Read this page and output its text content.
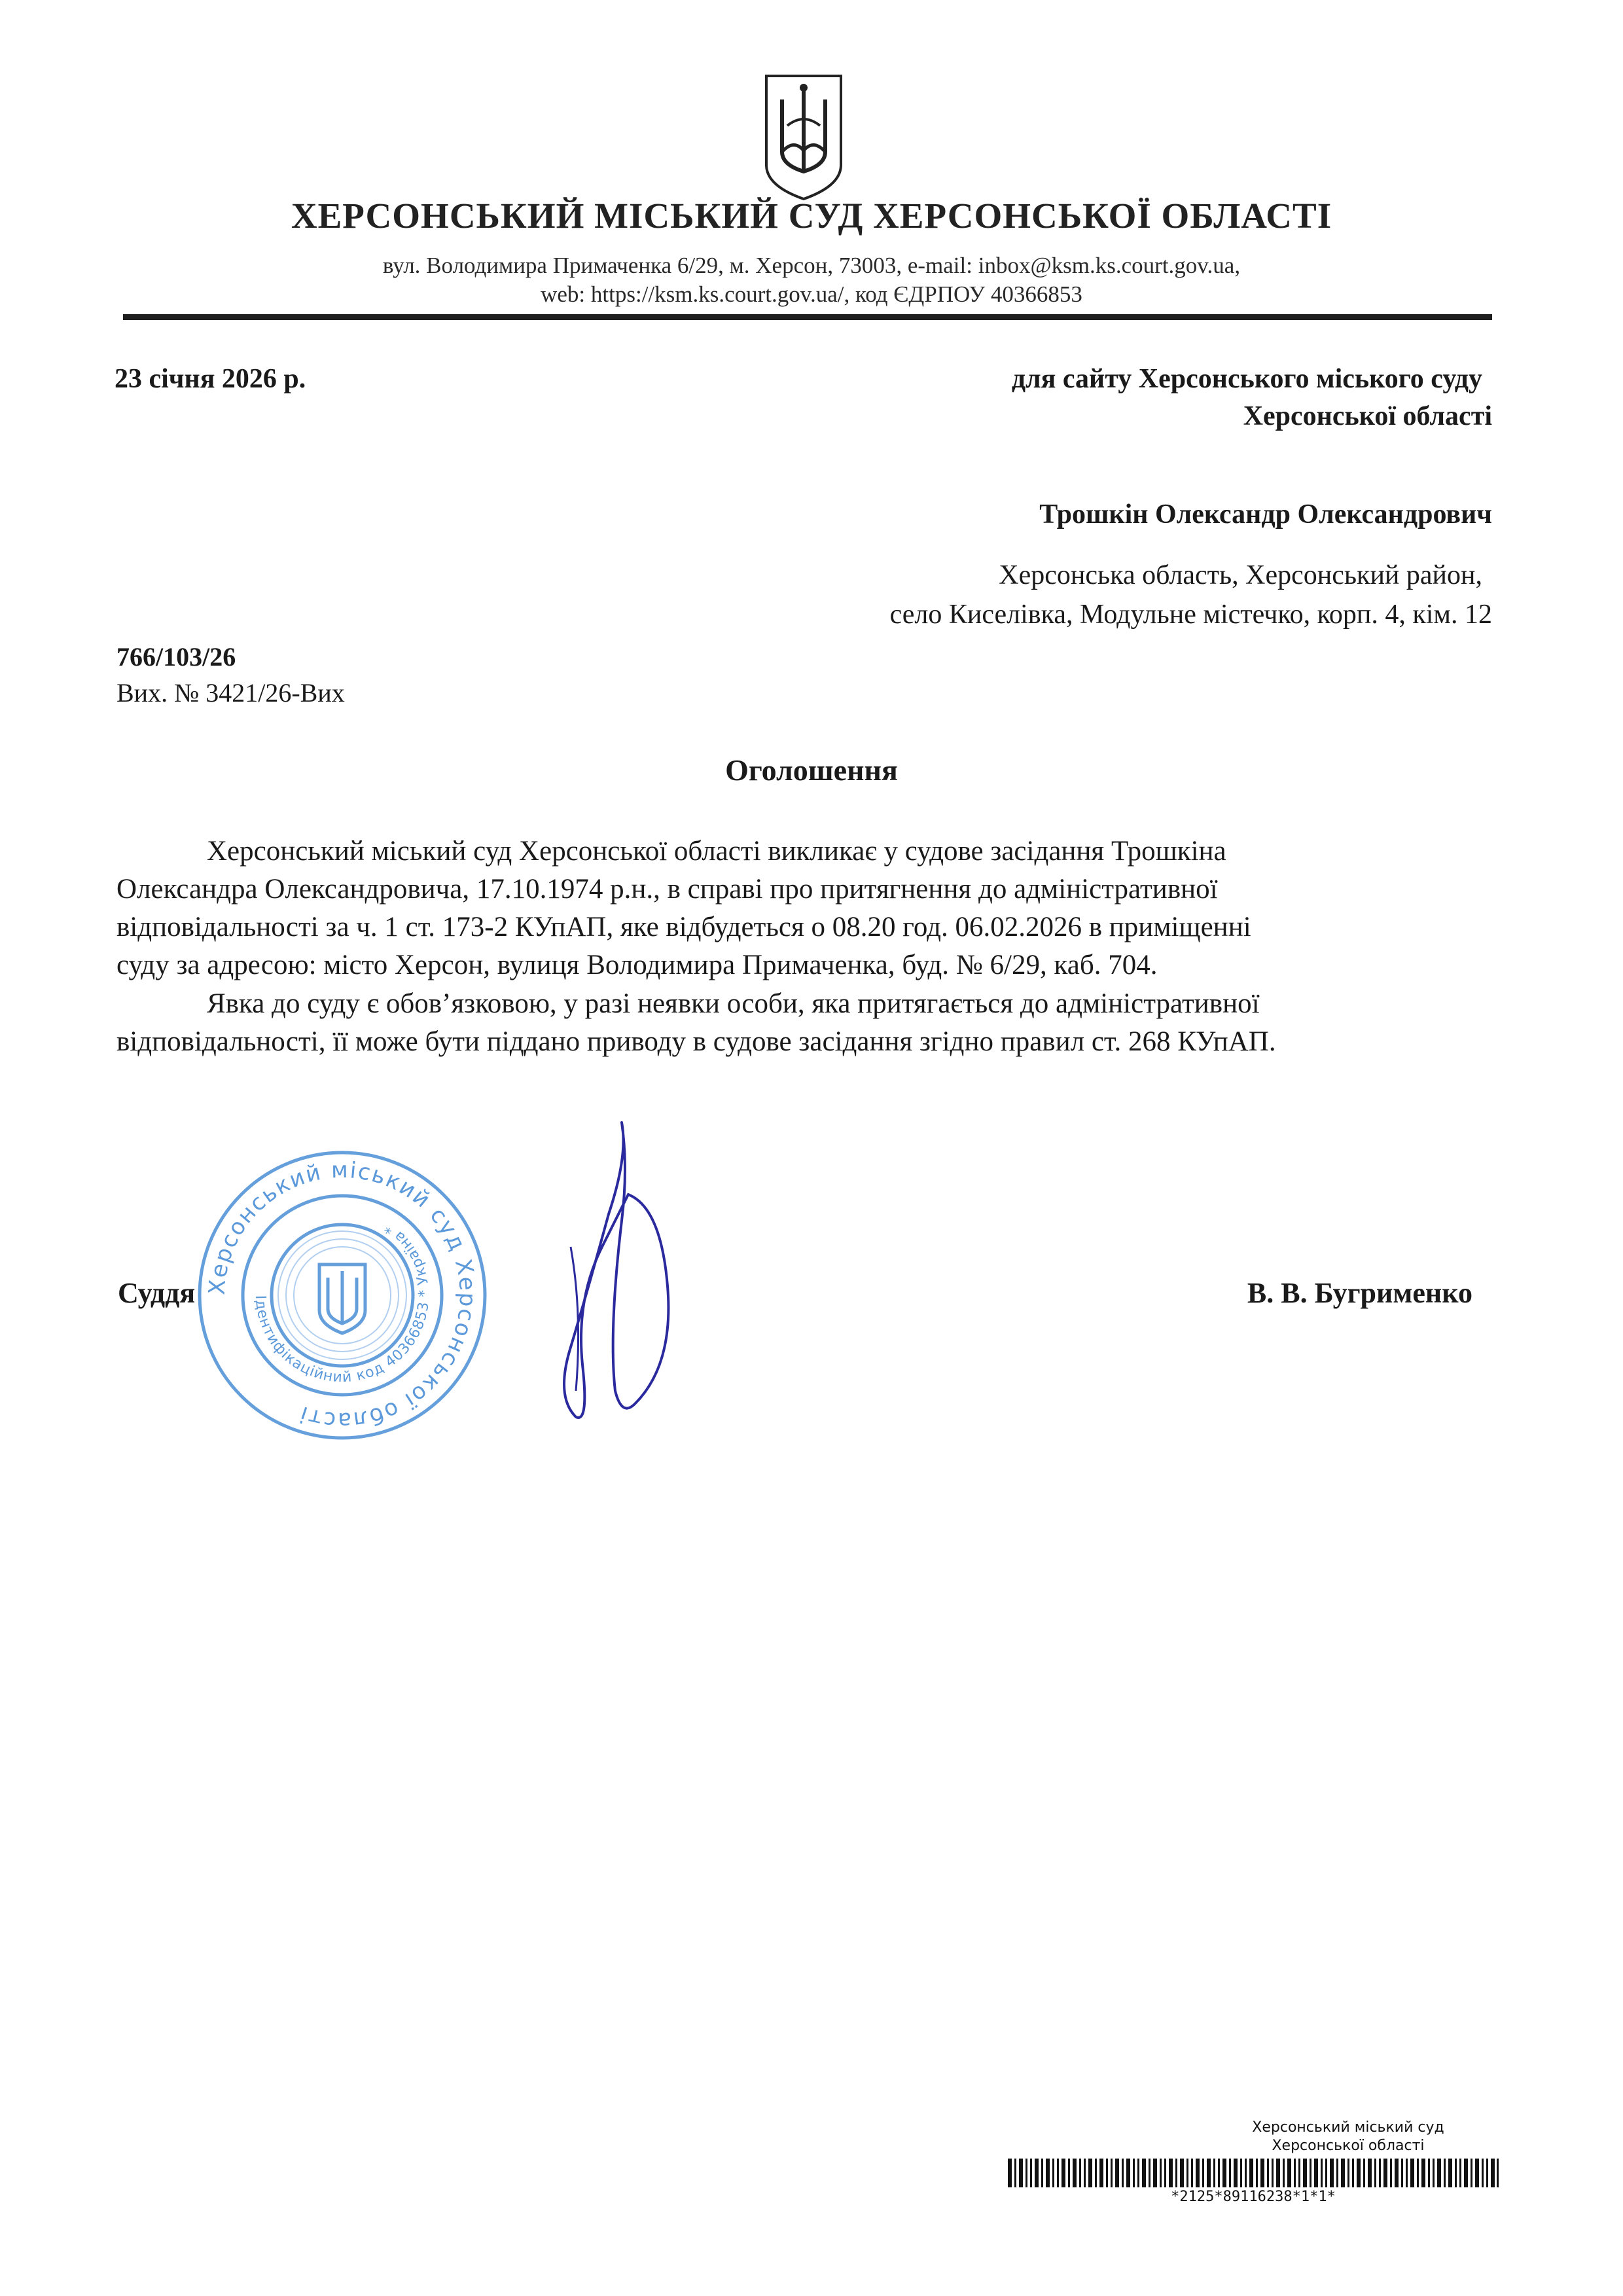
ХЕРСОНСЬКИЙ МІСЬКИЙ СУД ХЕРСОНСЬКОЇ ОБЛАСТІ
вул. Володимира Примаченка 6/29, м. Херсон, 73003, e-mail: inbox@ksm.ks.court.gov.ua,
web: https://ksm.ks.court.gov.ua/, код ЄДРПОУ 40366853
23 січня 2026 р.	для сайту Херсонського міського суду
Херсонської області
Трошкін Олександр Олександрович
Херсонська область, Херсонський район,
село Киселівка, Модульне містечко, корп. 4, кім. 12
766/103/26
Вих. № 3421/26-Вих
Оголошення
Херсонський міський суд Херсонської області викликає у судове засідання Трошкіна
Олександра Олександровича, 17.10.1974 р.н., в справі про притягнення до адміністративної
відповідальності за ч. 1 ст. 173-2 КУпАП, яке відбудеться о 08.20 год. 06.02.2026 в приміщенні
суду за адресою: місто Херсон, вулиця Володимира Примаченка, буд. № 6/29, каб. 704.
Явка до суду є обов’язковою, у разі неявки особи, яка притягається до адміністративної
відповідальності, її може бути піддано приводу в судове засідання згідно правил ст. 268 КУпАП.
Суддя	В. В. Бугрименко
Херсонський міський суд Херсонської області
Ідентифікаційний код 40366853 * Україна *
Херсонський міський суд
Херсонської області
*2125*89116238*1*1*
